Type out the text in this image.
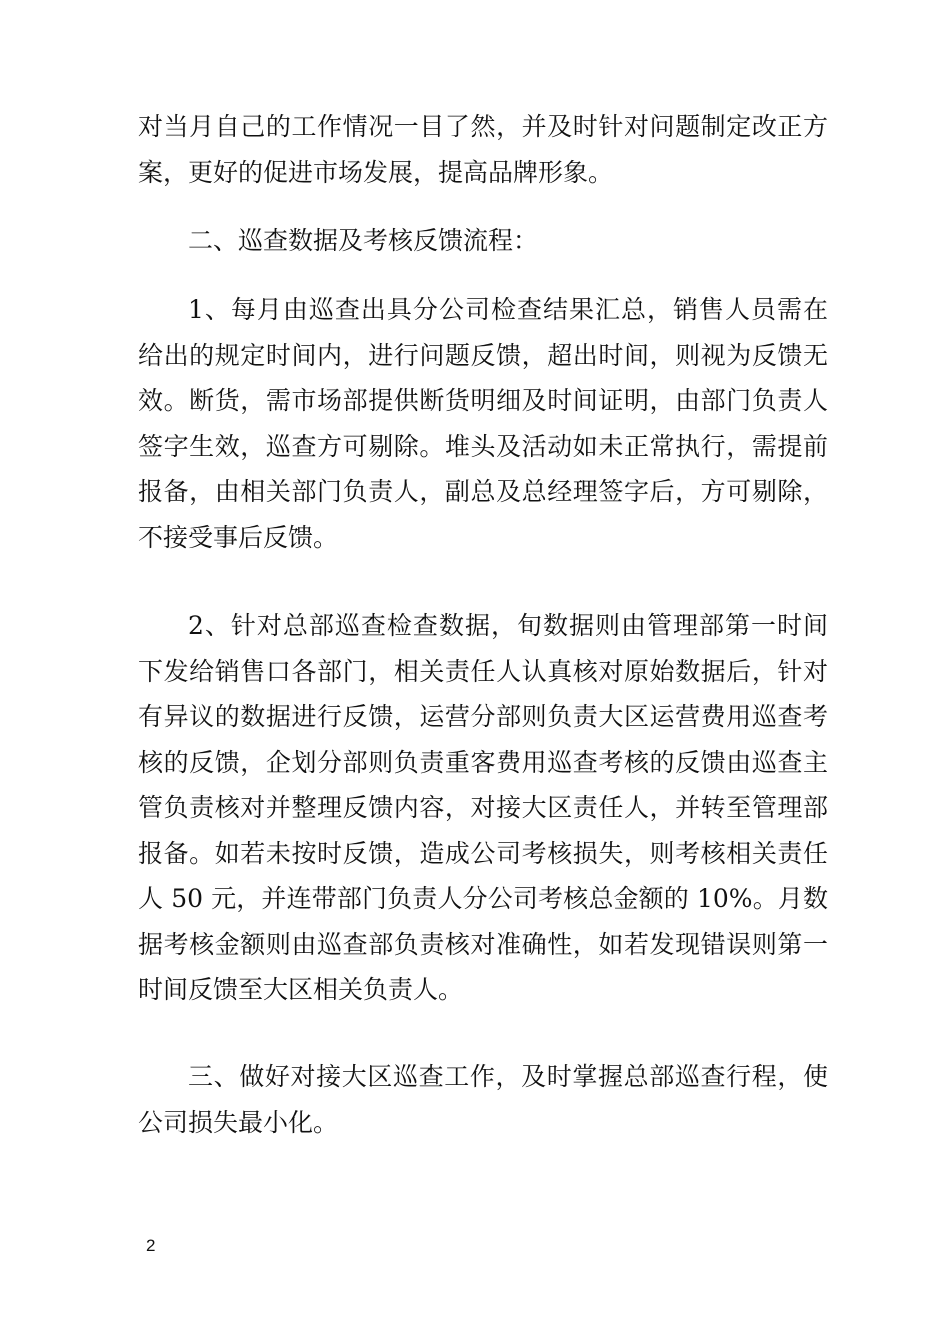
对当月自己的工作情况一目了然，并及时针对问题制定改正方案，更好的促进市场发展，提高品牌形象。

二、巡查数据及考核反馈流程：

1、每月由巡查出具分公司检查结果汇总，销售人员需在给出的规定时间内，进行问题反馈，超出时间，则视为反馈无效。断货，需市场部提供断货明细及时间证明，由部门负责人签字生效，巡查方可剔除。堆头及活动如未正常执行，需提前报备，由相关部门负责人，副总及总经理签字后，方可剔除，不接受事后反馈。

2、针对总部巡查检查数据，旬数据则由管理部第一时间下发给销售口各部门，相关责任人认真核对原始数据后，针对有异议的数据进行反馈，运营分部则负责大区运营费用巡查考核的反馈，企划分部则负责重客费用巡查考核的反馈由巡查主管负责核对并整理反馈内容，对接大区责任人，并转至管理部报备。如若未按时反馈，造成公司考核损失，则考核相关责任人 50 元，并连带部门负责人分公司考核总金额的 10%。月数据考核金额则由巡查部负责核对准确性，如若发现错误则第一时间反馈至大区相关负责人。

三、做好对接大区巡查工作，及时掌握总部巡查行程，使公司损失最小化。

2
